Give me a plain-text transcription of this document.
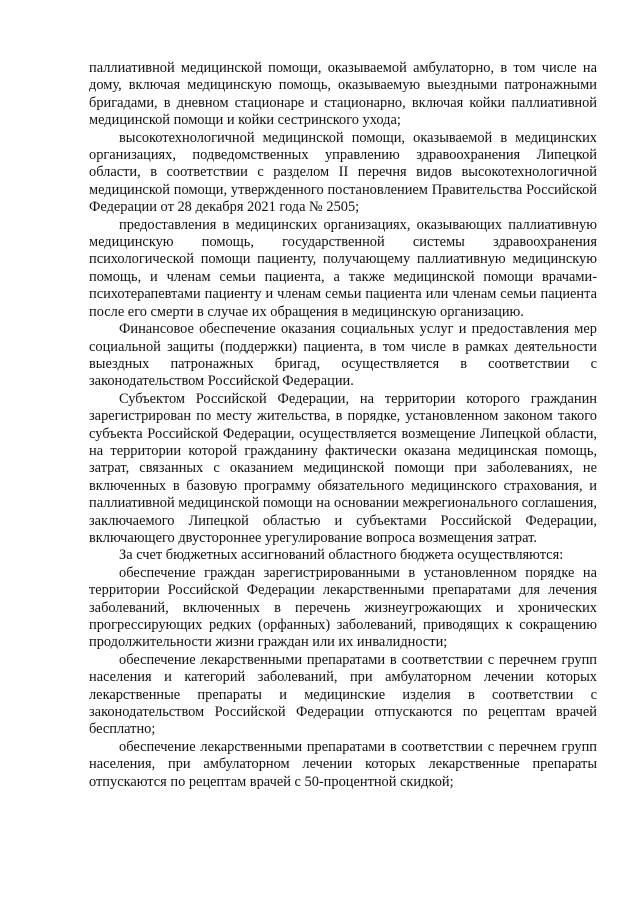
паллиативной медицинской помощи, оказываемой амбулаторно, в том числе на дому, включая медицинскую помощь, оказываемую выездными патронажными бригадами, в дневном стационаре и стационарно, включая койки паллиативной медицинской помощи и койки сестринского ухода;

высокотехнологичной медицинской помощи, оказываемой в медицинских организациях, подведомственных управлению здравоохранения Липецкой области, в соответствии с разделом II перечня видов высокотехнологичной медицинской помощи, утвержденного постановлением Правительства Российской Федерации от 28 декабря 2021 года № 2505;

предоставления в медицинских организациях, оказывающих паллиативную медицинскую помощь, государственной системы здравоохранения психологической помощи пациенту, получающему паллиативную медицинскую помощь, и членам семьи пациента, а также медицинской помощи врачами-психотерапевтами пациенту и членам семьи пациента или членам семьи пациента после его смерти в случае их обращения в медицинскую организацию.

Финансовое обеспечение оказания социальных услуг и предоставления мер социальной защиты (поддержки) пациента, в том числе в рамках деятельности выездных патронажных бригад, осуществляется в соответствии с законодательством Российской Федерации.

Субъектом Российской Федерации, на территории которого гражданин зарегистрирован по месту жительства, в порядке, установленном законом такого субъекта Российской Федерации, осуществляется возмещение Липецкой области, на территории которой гражданину фактически оказана медицинская помощь, затрат, связанных с оказанием медицинской помощи при заболеваниях, не включенных в базовую программу обязательного медицинского страхования, и паллиативной медицинской помощи на основании межрегионального соглашения, заключаемого Липецкой областью и субъектами Российской Федерации, включающего двустороннее урегулирование вопроса возмещения затрат.

За счет бюджетных ассигнований областного бюджета осуществляются:

обеспечение граждан зарегистрированными в установленном порядке на территории Российской Федерации лекарственными препаратами для лечения заболеваний, включенных в перечень жизнеугрожающих и хронических прогрессирующих редких (орфанных) заболеваний, приводящих к сокращению продолжительности жизни граждан или их инвалидности;

обеспечение лекарственными препаратами в соответствии с перечнем групп населения и категорий заболеваний, при амбулаторном лечении которых лекарственные препараты и медицинские изделия в соответствии с законодательством Российской Федерации отпускаются по рецептам врачей бесплатно;

обеспечение лекарственными препаратами в соответствии с перечнем групп населения, при амбулаторном лечении которых лекарственные препараты отпускаются по рецептам врачей с 50-процентной скидкой;
